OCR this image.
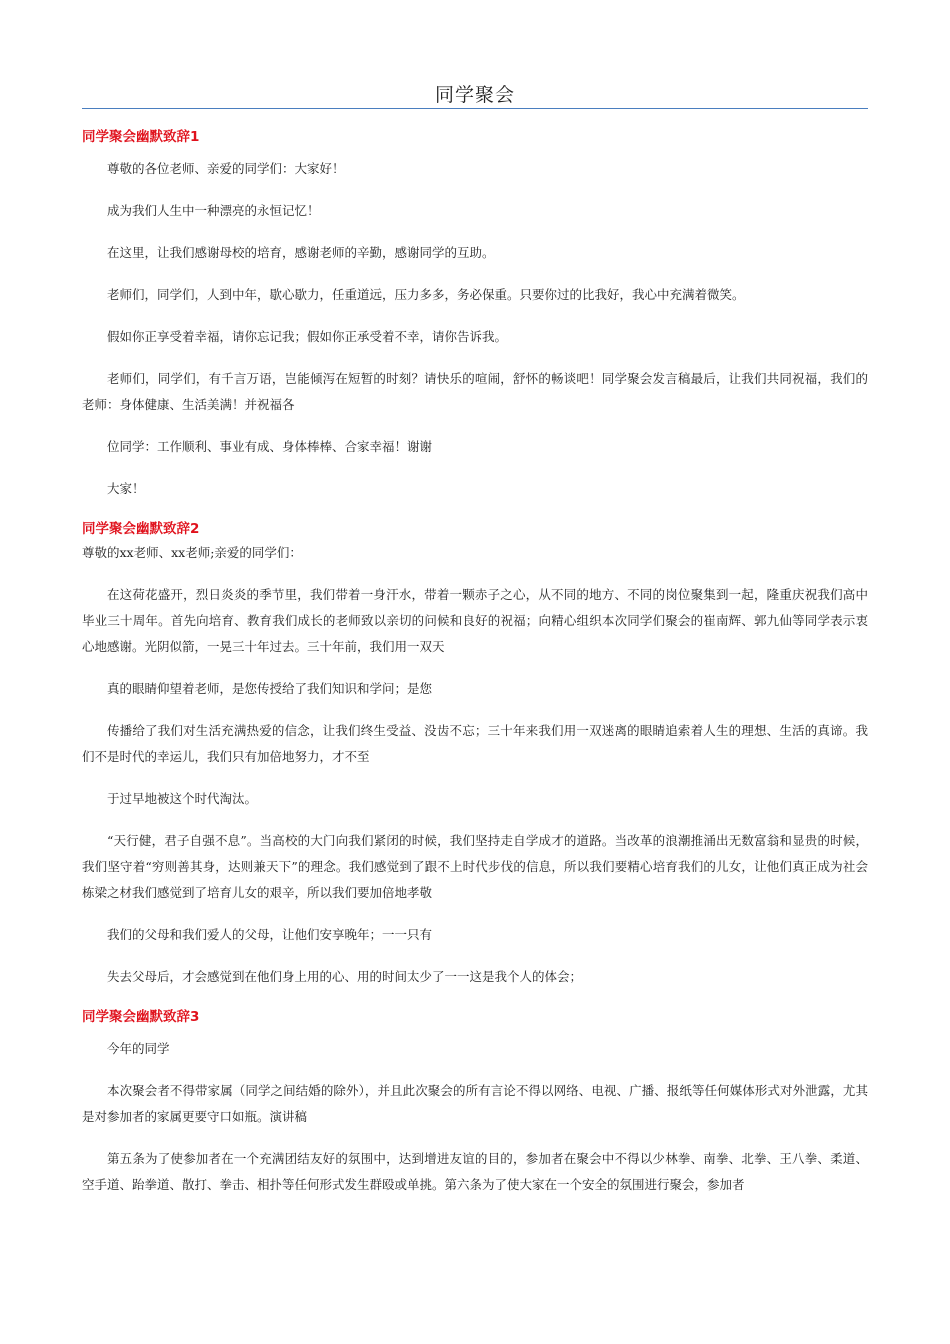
同学聚会

同学聚会幽默致辞1

尊敬的各位老师、亲爱的同学们：大家好！

成为我们人生中一种漂亮的永恒记忆！

在这里，让我们感谢母校的培育，感谢老师的辛勤，感谢同学的互助。

老师们，同学们，人到中年，歇心歇力，任重道远，压力多多，务必保重。只要你过的比我好，我心中充满着微笑。

假如你正享受着幸福，请你忘记我；假如你正承受着不幸，请你告诉我。

老师们，同学们，有千言万语，岂能倾泻在短暂的时刻？请快乐的喧闹，舒怀的畅谈吧！同学聚会发言稿最后，让我们共同祝福，我们的老师：身体健康、生活美满！并祝福各

位同学：工作顺利、事业有成、身体棒棒、合家幸福！谢谢

大家！

同学聚会幽默致辞2

尊敬的xx老师、xx老师;亲爱的同学们：

在这荷花盛开，烈日炎炎的季节里，我们带着一身汗水，带着一颗赤子之心，从不同的地方、不同的岗位聚集到一起，隆重庆祝我们高中毕业三十周年。首先向培育、教育我们成长的老师致以亲切的问候和良好的祝福；向精心组织本次同学们聚会的崔南辉、郭九仙等同学表示衷心地感谢。光阴似箭，一晃三十年过去。三十年前，我们用一双天

真的眼睛仰望着老师，是您传授给了我们知识和学问；是您

传播给了我们对生活充满热爱的信念，让我们终生受益、没齿不忘；三十年来我们用一双迷离的眼睛追索着人生的理想、生活的真谛。我们不是时代的幸运儿，我们只有加倍地努力，才不至

于过早地被这个时代淘汰。

“天行健，君子自强不息”。当高校的大门向我们紧闭的时候，我们坚持走自学成才的道路。当改革的浪潮推涌出无数富翁和显贵的时候，我们坚守着“穷则善其身，达则兼天下”的理念。我们感觉到了跟不上时代步伐的信息，所以我们要精心培育我们的儿女，让他们真正成为社会栋梁之材我们感觉到了培育儿女的艰辛，所以我们要加倍地孝敬

我们的父母和我们爱人的父母，让他们安享晚年；一一只有

失去父母后，才会感觉到在他们身上用的心、用的时间太少了一一这是我个人的体会；

同学聚会幽默致辞3

今年的同学

本次聚会者不得带家属（同学之间结婚的除外），并且此次聚会的所有言论不得以网络、电视、广播、报纸等任何媒体形式对外泄露，尤其是对参加者的家属更要守口如瓶。演讲稿

第五条为了使参加者在一个充满团结友好的氛围中，达到增进友谊的目的，参加者在聚会中不得以少林拳、南拳、北拳、王八拳、柔道、空手道、跆拳道、散打、拳击、相扑等任何形式发生群殴或单挑。第六条为了使大家在一个安全的氛围进行聚会，参加者
